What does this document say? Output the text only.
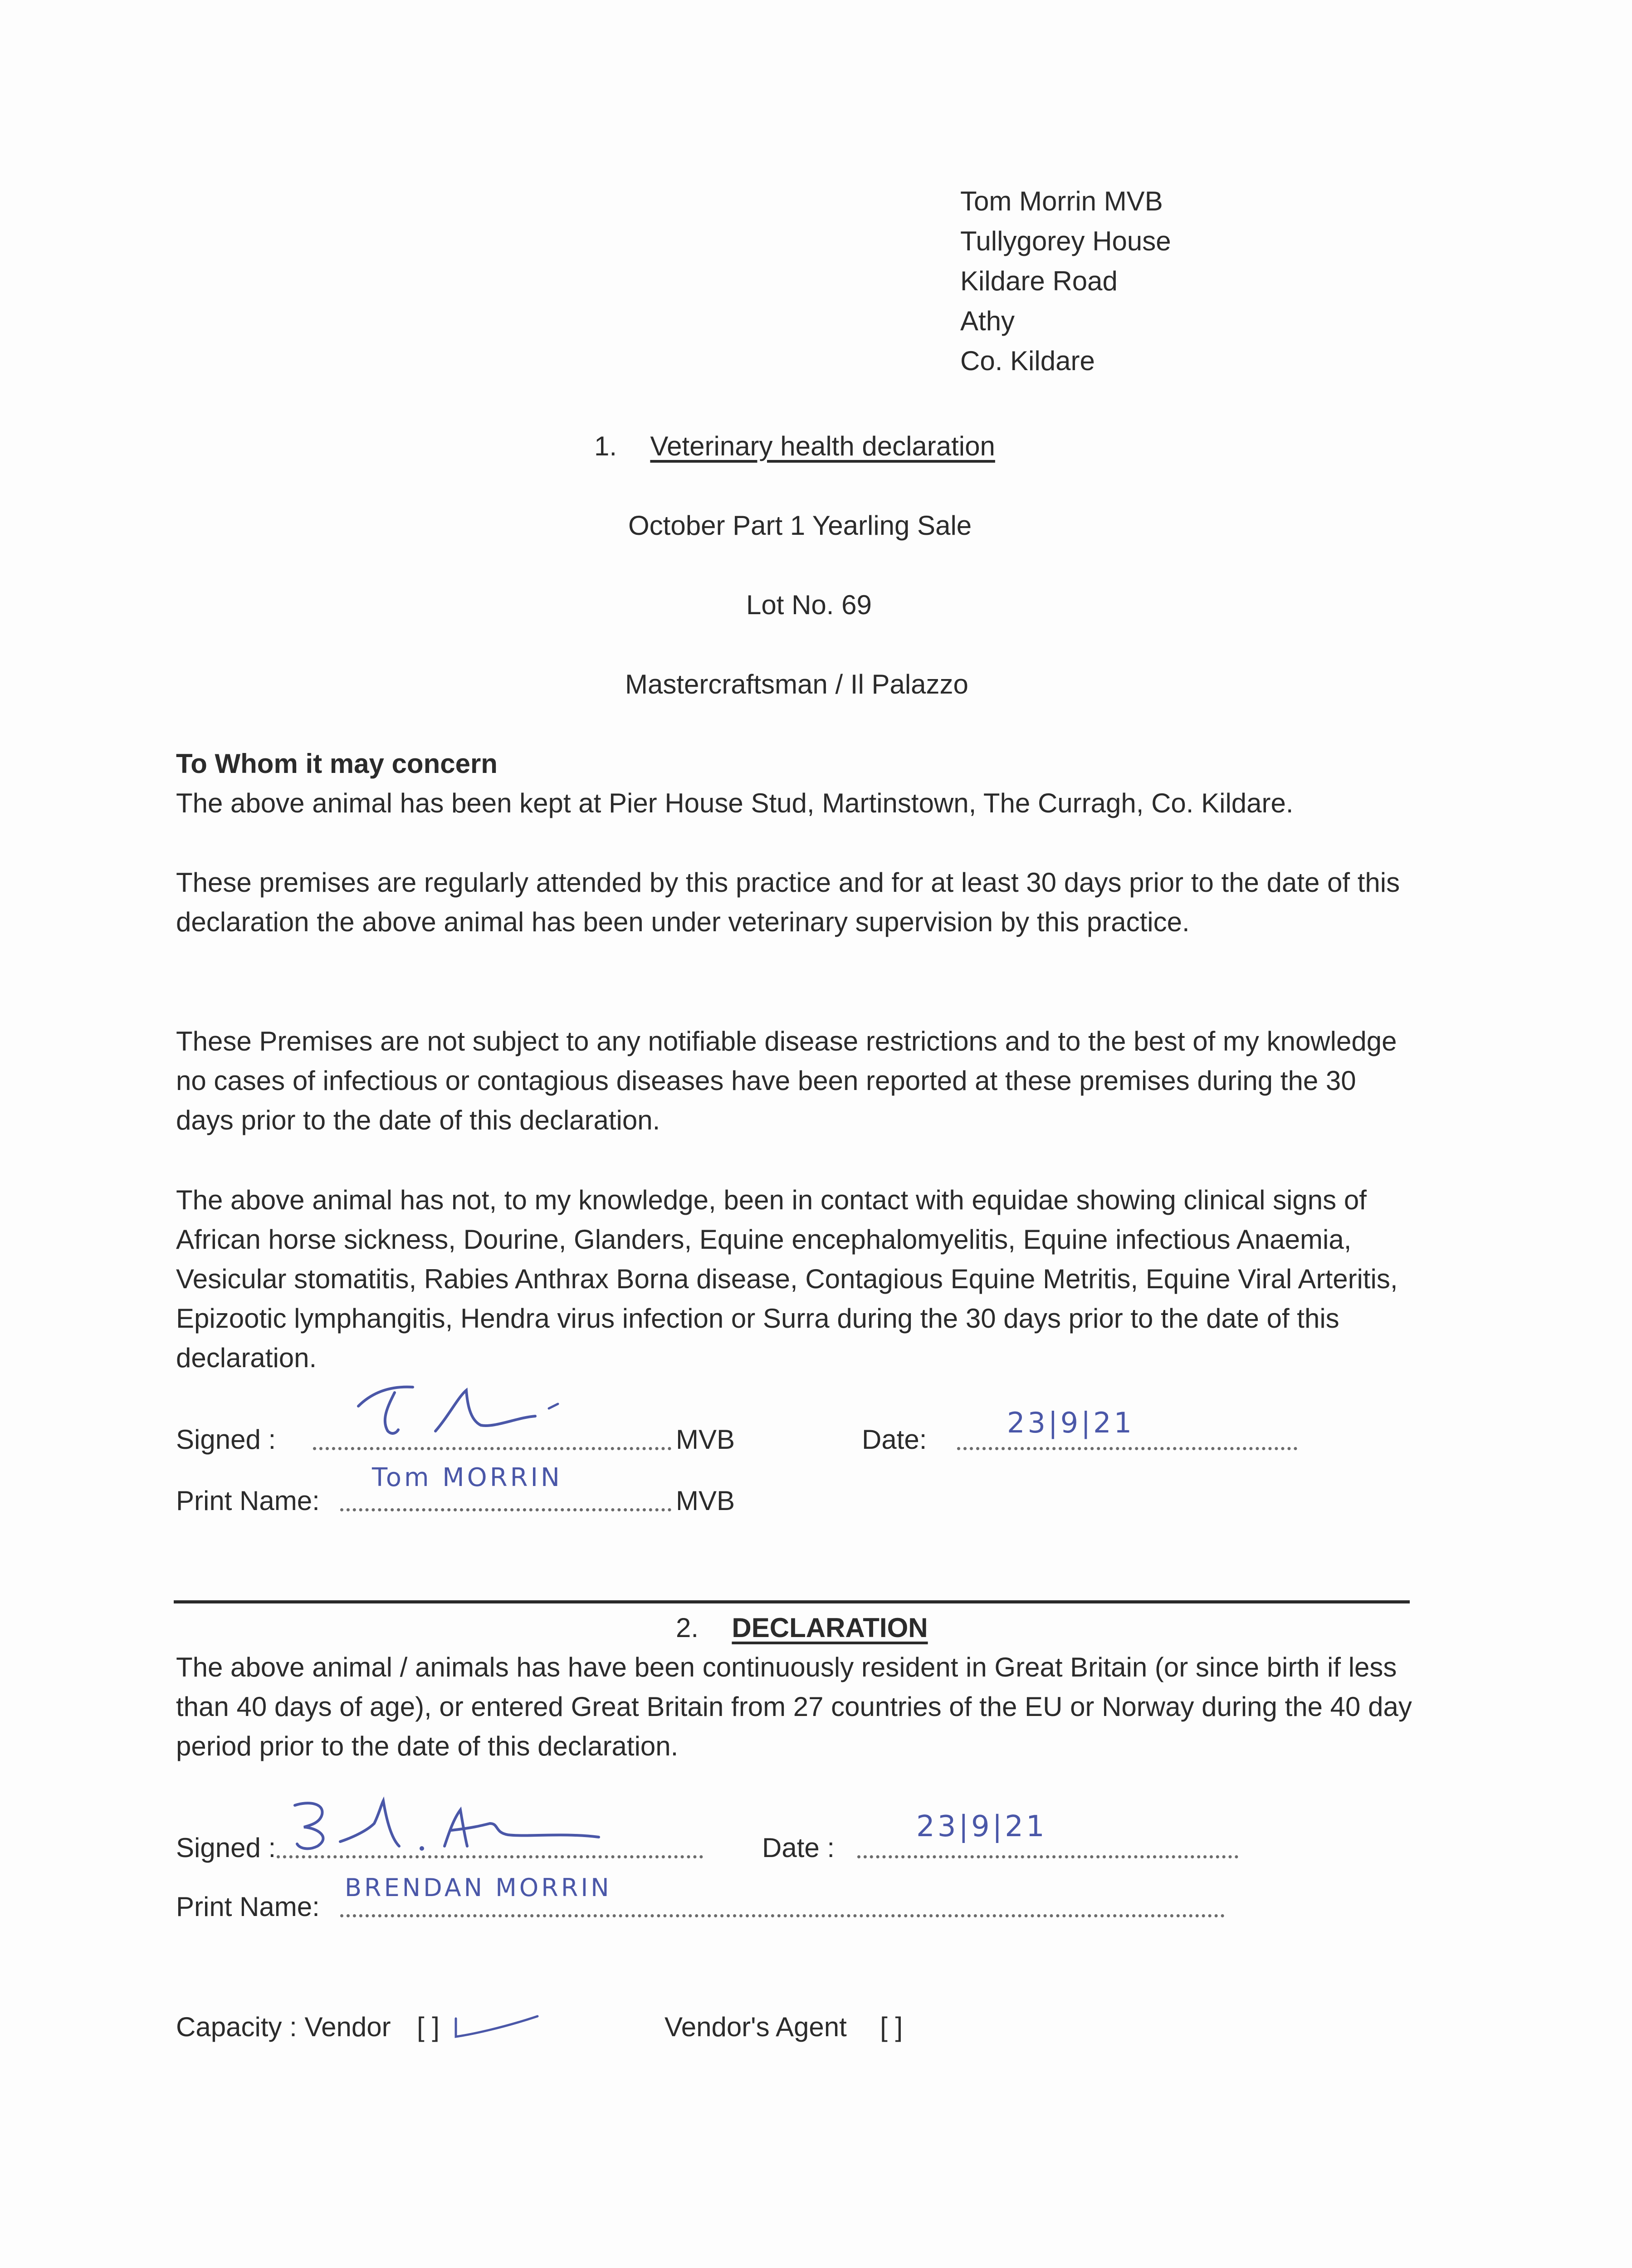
Tom Morrin MVB
Tullygorey House
Kildare Road
Athy
Co. Kildare
1. Veterinary health declaration
October Part 1 Yearling Sale
Lot No. 69
Mastercraftsman / Il Palazzo

To Whom it may concern

The above animal has been kept at Pier House Stud, Martinstown, The Curragh, Co. Kildare.

These premises are regularly attended by this practice and for at least 30 days prior to the date of this declaration the above animal has been under veterinary supervision by this practice.
These Premises are not subject to any notifiable disease restrictions and to the best of my knowledge no cases of infectious or contagious diseases have been reported at these premises during the 30 days prior to the date of this declaration.
The above animal has not, to my knowledge, been in contact with equidae showing clinical signs of African horse sickness, Dourine, Glanders, Equine encephalomyelitis, Equine infectious Anaemia, Vesicular stomatitis, Rabies Anthrax Borna disease, Contagious Equine Metritis, Equine Viral Arteritis, Epizootic lymphangitis, Hendra virus infection or Surra during the 30 days prior to the date of this declaration.
Signed :	MVB	Date:
23|9|21
Print Name:
Tom MORRIN
MVB
2. DECLARATION
The above animal / animals has have been continuously resident in Great Britain (or since birth if less than 40 days of age), or entered Great Britain from 27 countries of the EU or Norway during the 40 day period prior to the date of this declaration.
Signed :	Date :
23|9|21
Print Name:
BRENDAN MORRIN
Capacity : Vendor [ ]	Vendor's Agent [ ]
